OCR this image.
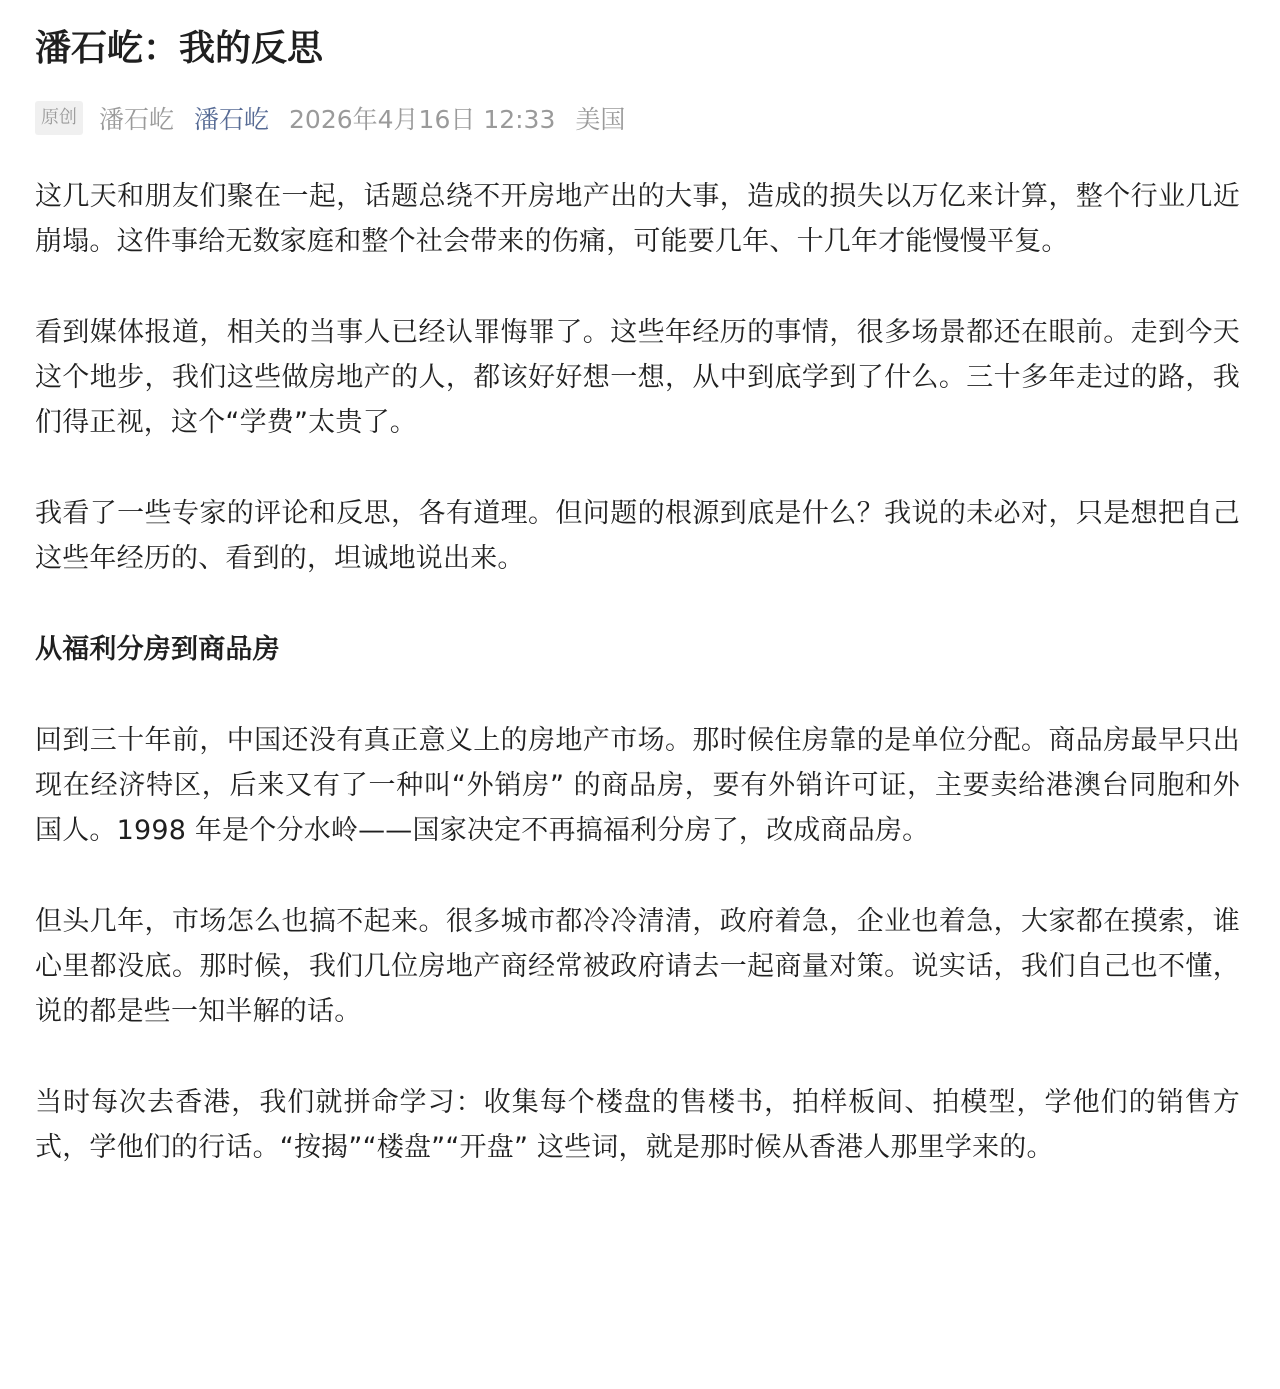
潘石屹：我的反思
原创 潘石屹 潘石屹 2026年4月16日 12:33 美国

这几天和朋友们聚在一起，话题总绕不开房地产出的大事，造成的损失以万亿来计算，整个行业几近崩塌。这件事给无数家庭和整个社会带来的伤痛，可能要几年、十几年才能慢慢平复。

看到媒体报道，相关的当事人已经认罪悔罪了。这些年经历的事情，很多场景都还在眼前。走到今天这个地步，我们这些做房地产的人，都该好好想一想，从中到底学到了什么。三十多年走过的路，我们得正视，这个“学费”太贵了。

我看了一些专家的评论和反思，各有道理。但问题的根源到底是什么？我说的未必对，只是想把自己这些年经历的、看到的，坦诚地说出来。

从福利分房到商品房

回到三十年前，中国还没有真正意义上的房地产市场。那时候住房靠的是单位分配。商品房最早只出现在经济特区，后来又有了一种叫“外销房” 的商品房，要有外销许可证，主要卖给港澳台同胞和外国人。1998 年是个分水岭——国家决定不再搞福利分房了，改成商品房。

但头几年，市场怎么也搞不起来。很多城市都冷冷清清，政府着急，企业也着急，大家都在摸索，谁心里都没底。那时候，我们几位房地产商经常被政府请去一起商量对策。说实话，我们自己也不懂，说的都是些一知半解的话。

当时每次去香港，我们就拼命学习：收集每个楼盘的售楼书，拍样板间、拍模型，学他们的销售方式，学他们的行话。“按揭”“楼盘”“开盘” 这些词，就是那时候从香港人那里学来的。
